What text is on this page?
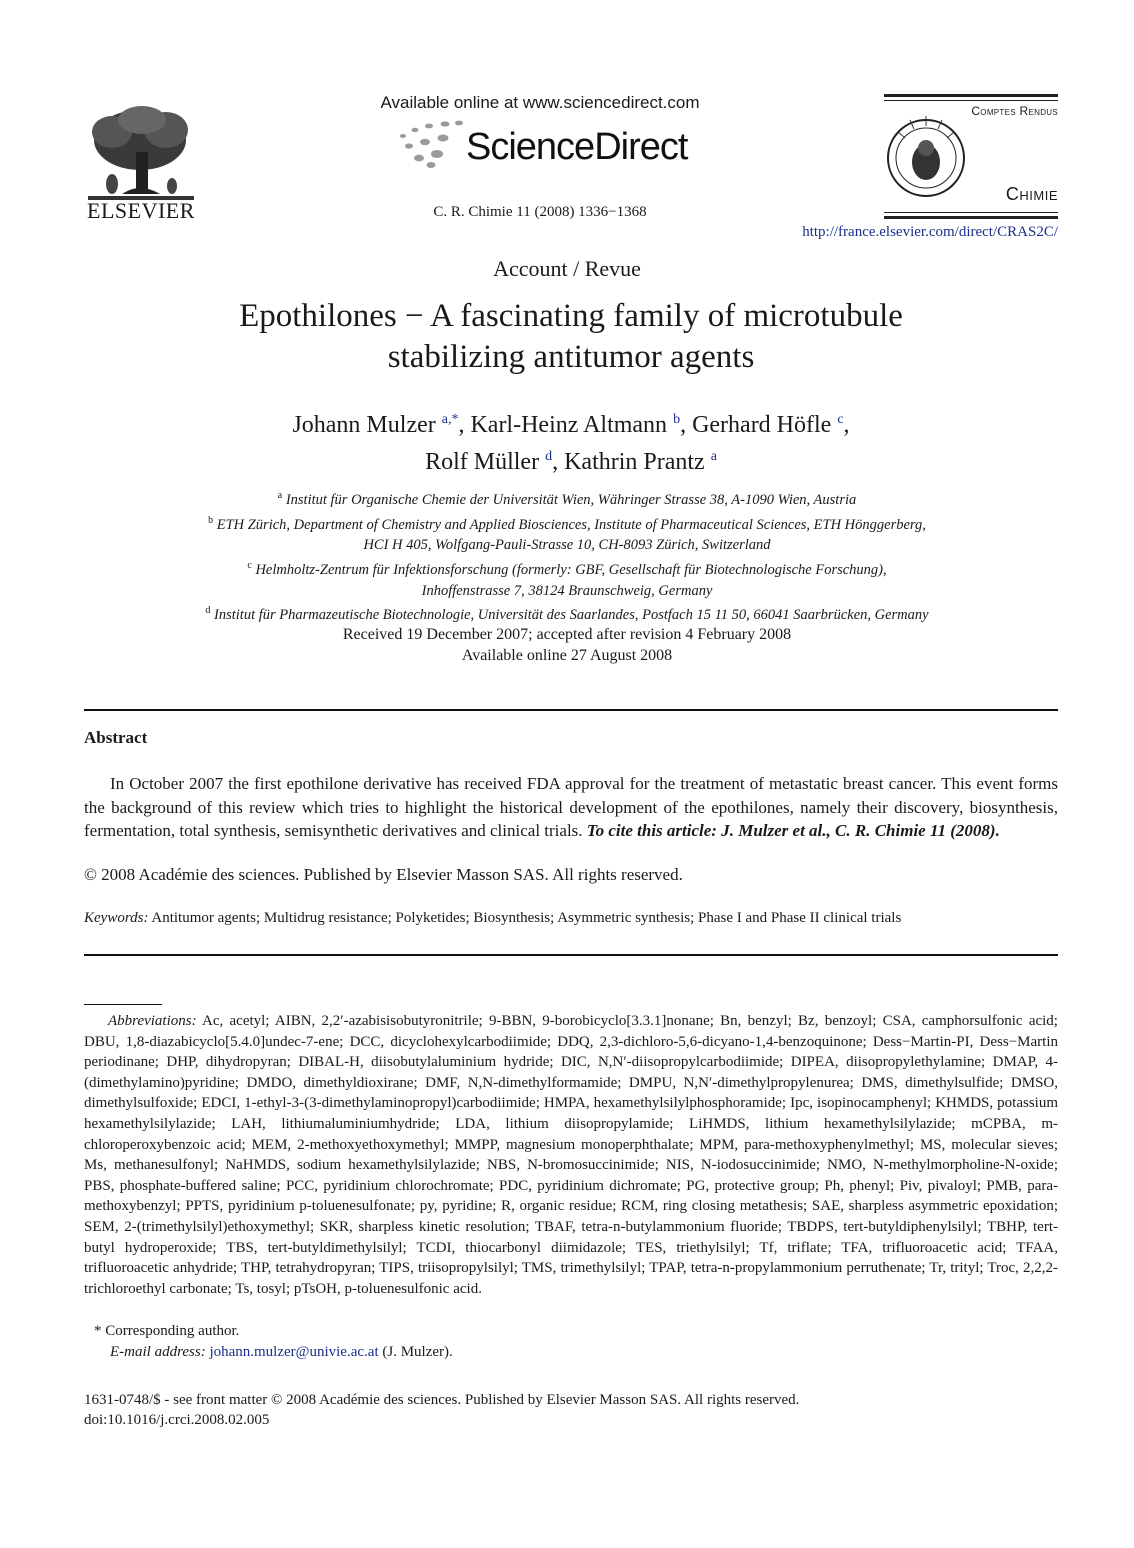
ELSEVIER
Available online at www.sciencedirect.com
ScienceDirect
C. R. Chimie 11 (2008) 1336−1368
Comptes Rendus
Chimie
http://france.elsevier.com/direct/CRAS2C/
Account / Revue
Epothilones − A fascinating family of microtubule
stabilizing antitumor agents
Johann Mulzer $^{a,*}$, Karl-Heinz Altmann $^b$, Gerhard Höfle $^c$,
Rolf Müller $^d$, Kathrin Prantz $^a$
$^a$ Institut für Organische Chemie der Universität Wien, Währinger Strasse 38, A-1090 Wien, Austria
$^b$ ETH Zürich, Department of Chemistry and Applied Biosciences, Institute of Pharmaceutical Sciences, ETH Hönggerberg,
HCI H 405, Wolfgang-Pauli-Strasse 10, CH-8093 Zürich, Switzerland
$^c$ Helmholtz-Zentrum für Infektionsforschung (formerly: GBF, Gesellschaft für Biotechnologische Forschung),
Inhoffenstrasse 7, 38124 Braunschweig, Germany
$^d$ Institut für Pharmazeutische Biotechnologie, Universität des Saarlandes, Postfach 15 11 50, 66041 Saarbrücken, Germany
Received 19 December 2007; accepted after revision 4 February 2008
Available online 27 August 2008
Abstract
In October 2007 the first epothilone derivative has received FDA approval for the treatment of metastatic breast cancer. This event forms the background of this review which tries to highlight the historical development of the epothilones, namely their discovery, biosynthesis, fermentation, total synthesis, semisynthetic derivatives and clinical trials. To cite this article: J. Mulzer et al., C. R. Chimie 11 (2008).
© 2008 Académie des sciences. Published by Elsevier Masson SAS. All rights reserved.
Keywords: Antitumor agents; Multidrug resistance; Polyketides; Biosynthesis; Asymmetric synthesis; Phase I and Phase II clinical trials
Abbreviations: Ac, acetyl; AIBN, 2,2′-azabisisobutyronitrile; 9-BBN, 9-borobicyclo[3.3.1]nonane; Bn, benzyl; Bz, benzoyl; CSA, camphorsulfonic acid; DBU, 1,8-diazabicyclo[5.4.0]undec-7-ene; DCC, dicyclohexylcarbodiimide; DDQ, 2,3-dichloro-5,6-dicyano-1,4-benzoquinone; Dess−Martin-PI, Dess−Martin periodinane; DHP, dihydropyran; DIBAL-H, diisobutylaluminium hydride; DIC, N,N′-diisopropylcarbodiimide; DIPEA, diisopropylethylamine; DMAP, 4-(dimethylamino)pyridine; DMDO, dimethyldioxirane; DMF, N,N-dimethylformamide; DMPU, N,N′-dimethylpropylenurea; DMS, dimethylsulfide; DMSO, dimethylsulfoxide; EDCI, 1-ethyl-3-(3-dimethylaminopropyl)carbodiimide; HMPA, hexamethylsilylphosphoramide; Ipc, isopinocamphenyl; KHMDS, potassium hexamethylsilylazide; LAH, lithiumaluminiumhydride; LDA, lithium diisopropylamide; LiHMDS, lithium hexamethylsilylazide; mCPBA, m-chloroperoxybenzoic acid; MEM, 2-methoxyethoxymethyl; MMPP, magnesium monoperphthalate; MPM, para-methoxyphenylmethyl; MS, molecular sieves; Ms, methanesulfonyl; NaHMDS, sodium hexamethylsilylazide; NBS, N-bromosuccinimide; NIS, N-iodosuccinimide; NMO, N-methylmorpholine-N-oxide; PBS, phosphate-buffered saline; PCC, pyridinium chlorochromate; PDC, pyridinium dichromate; PG, protective group; Ph, phenyl; Piv, pivaloyl; PMB, para-methoxybenzyl; PPTS, pyridinium p-toluenesulfonate; py, pyridine; R, organic residue; RCM, ring closing metathesis; SAE, sharpless asymmetric epoxidation; SEM, 2-(trimethylsilyl)ethoxymethyl; SKR, sharpless kinetic resolution; TBAF, tetra-n-butylammonium fluoride; TBDPS, tert-butyldiphenylsilyl; TBHP, tert-butyl hydroperoxide; TBS, tert-butyldimethylsilyl; TCDI, thiocarbonyl diimidazole; TES, triethylsilyl; Tf, triflate; TFA, trifluoroacetic acid; TFAA, trifluoroacetic anhydride; THP, tetrahydropyran; TIPS, triisopropylsilyl; TMS, trimethylsilyl; TPAP, tetra-n-propylammonium perruthenate; Tr, trityl; Troc, 2,2,2-trichloroethyl carbonate; Ts, tosyl; pTsOH, p-toluenesulfonic acid.
* Corresponding author.
E-mail address: johann.mulzer@univie.ac.at (J. Mulzer).
1631-0748/$ - see front matter © 2008 Académie des sciences. Published by Elsevier Masson SAS. All rights reserved.
doi:10.1016/j.crci.2008.02.005
